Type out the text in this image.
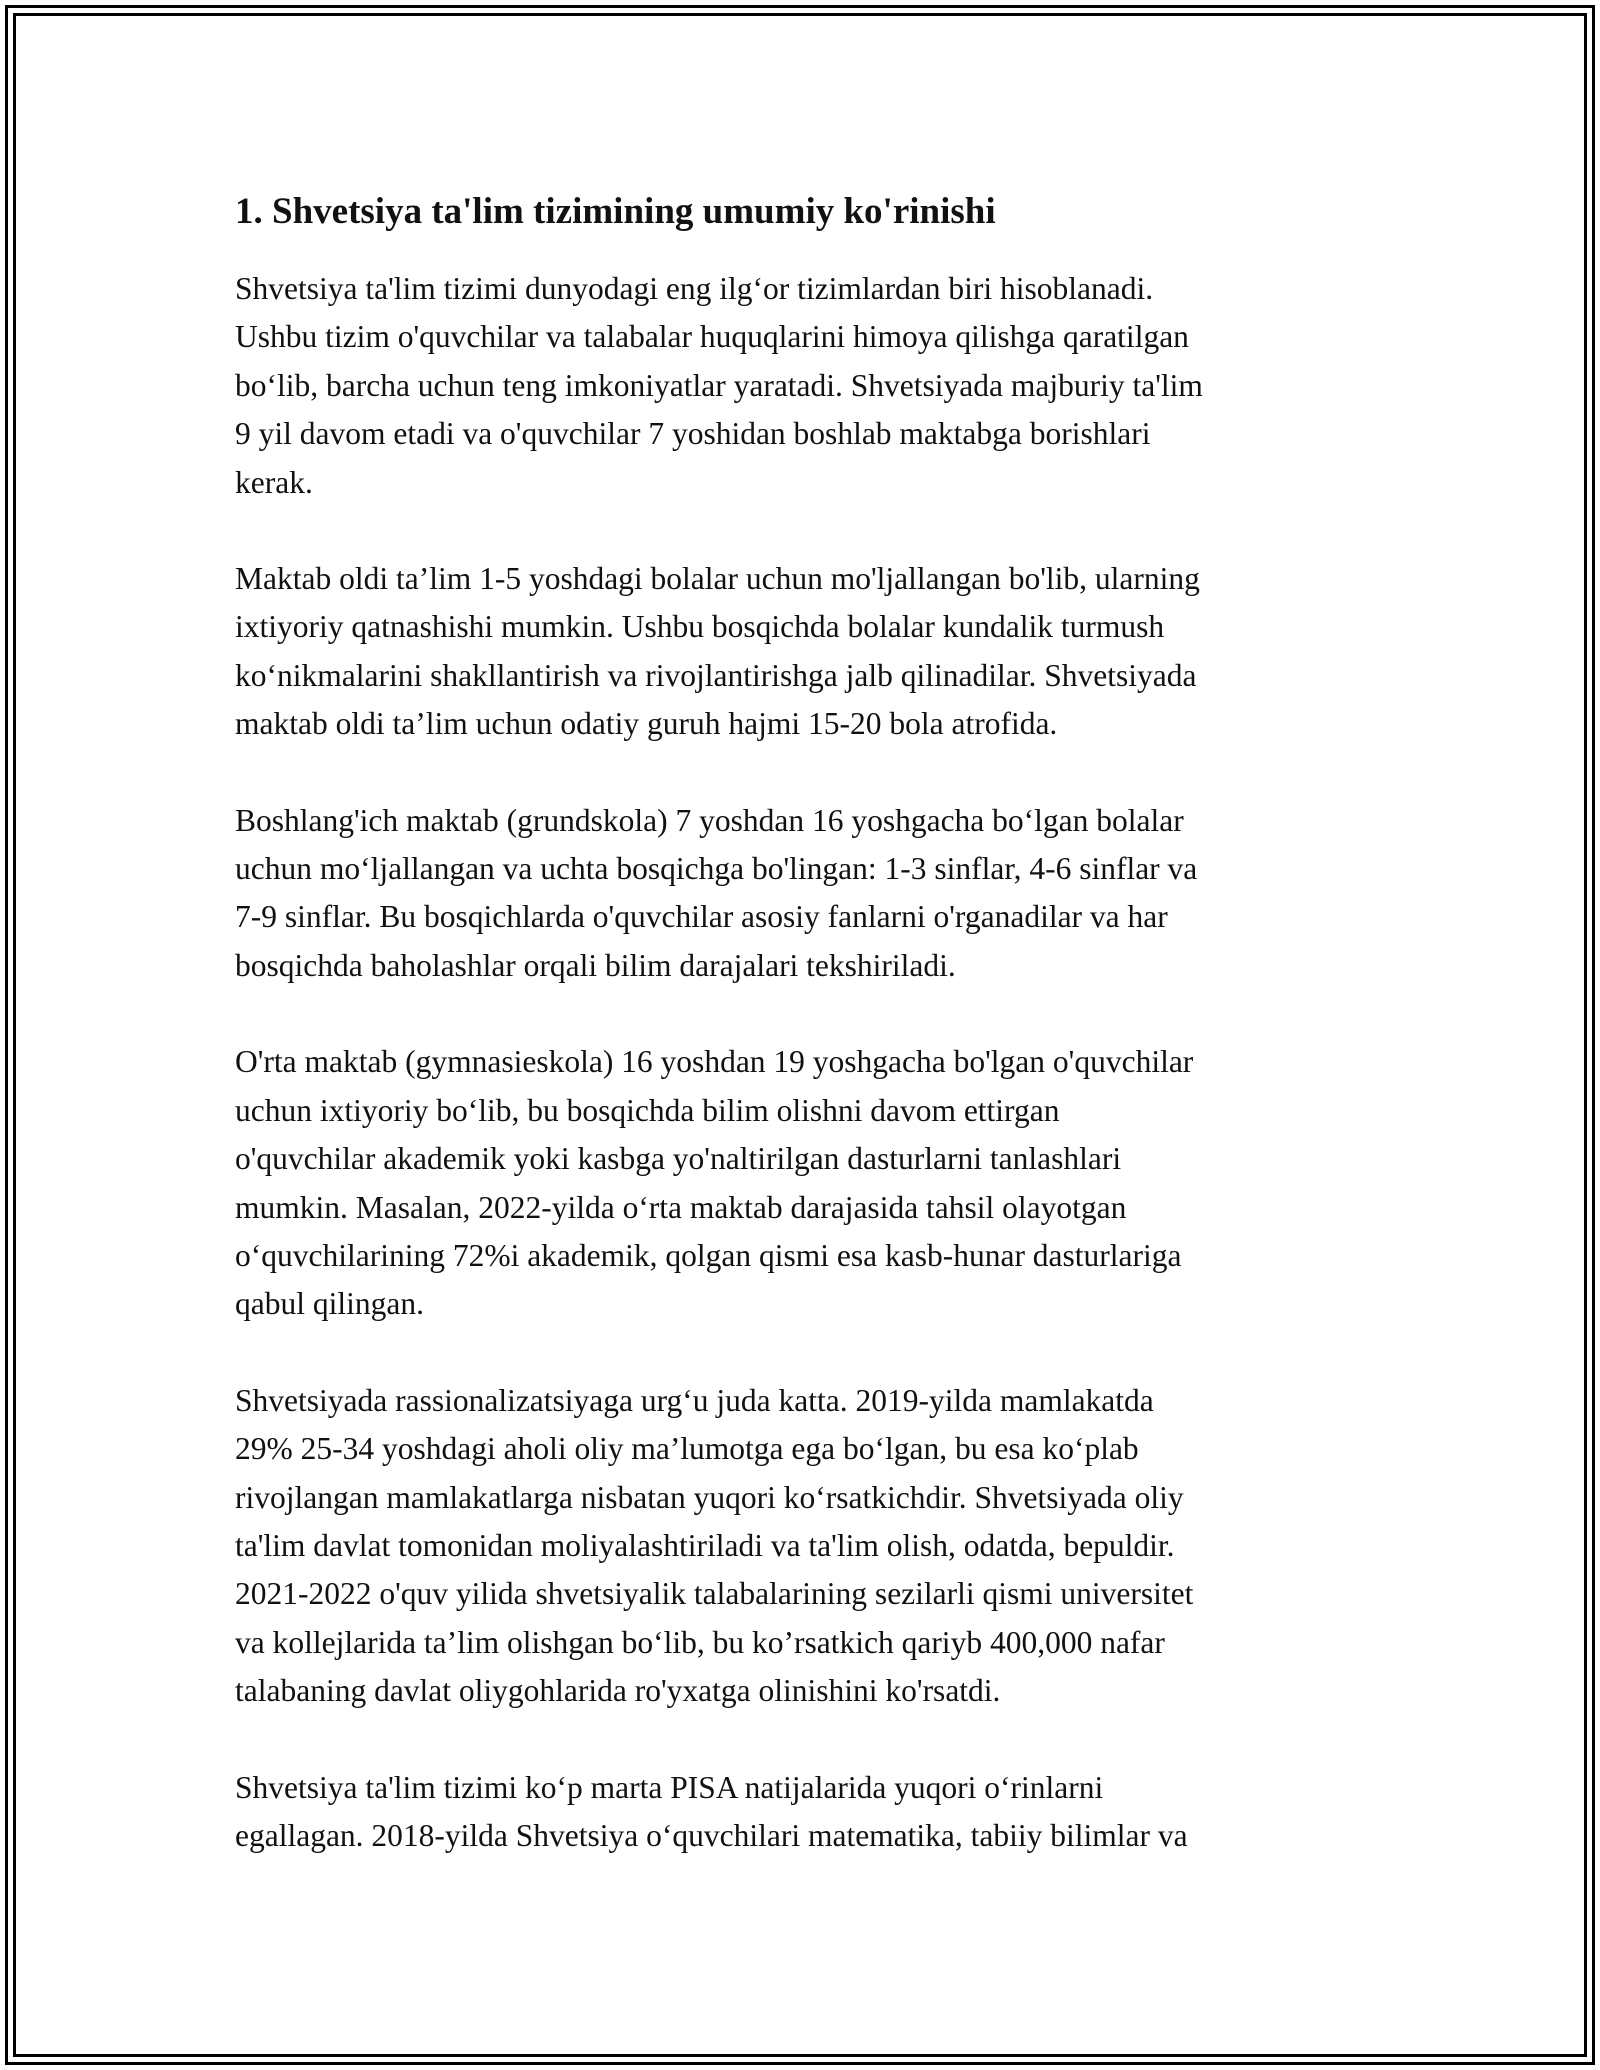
1. Shvetsiya ta'lim tizimining umumiy ko'rinishi

Shvetsiya ta'lim tizimi dunyodagi eng ilg‘or tizimlardan biri hisoblanadi.
Ushbu tizim o'quvchilar va talabalar huquqlarini himoya qilishga qaratilgan
bo‘lib, barcha uchun teng imkoniyatlar yaratadi. Shvetsiyada majburiy ta'lim
9 yil davom etadi va o'quvchilar 7 yoshidan boshlab maktabga borishlari
kerak.

Maktab oldi ta’lim 1-5 yoshdagi bolalar uchun mo'ljallangan bo'lib, ularning
ixtiyoriy qatnashishi mumkin. Ushbu bosqichda bolalar kundalik turmush
ko‘nikmalarini shakllantirish va rivojlantirishga jalb qilinadilar. Shvetsiyada
maktab oldi ta’lim uchun odatiy guruh hajmi 15-20 bola atrofida.

Boshlang'ich maktab (grundskola) 7 yoshdan 16 yoshgacha bo‘lgan bolalar
uchun mo‘ljallangan va uchta bosqichga bo'lingan: 1-3 sinflar, 4-6 sinflar va
7-9 sinflar. Bu bosqichlarda o'quvchilar asosiy fanlarni o'rganadilar va har
bosqichda baholashlar orqali bilim darajalari tekshiriladi.

O'rta maktab (gymnasieskola) 16 yoshdan 19 yoshgacha bo'lgan o'quvchilar
uchun ixtiyoriy bo‘lib, bu bosqichda bilim olishni davom ettirgan
o'quvchilar akademik yoki kasbga yo'naltirilgan dasturlarni tanlashlari
mumkin. Masalan, 2022-yilda o‘rta maktab darajasida tahsil olayotgan
o‘quvchilarining 72%i akademik, qolgan qismi esa kasb-hunar dasturlariga
qabul qilingan.

Shvetsiyada rassionalizatsiyaga urg‘u juda katta. 2019-yilda mamlakatda
29% 25-34 yoshdagi aholi oliy ma’lumotga ega bo‘lgan, bu esa ko‘plab
rivojlangan mamlakatlarga nisbatan yuqori ko‘rsatkichdir. Shvetsiyada oliy
ta'lim davlat tomonidan moliyalashtiriladi va ta'lim olish, odatda, bepuldir.
2021-2022 o'quv yilida shvetsiyalik talabalarining sezilarli qismi universitet
va kollejlarida ta’lim olishgan bo‘lib, bu ko’rsatkich qariyb 400,000 nafar
talabaning davlat oliygohlarida ro'yxatga olinishini ko'rsatdi.

Shvetsiya ta'lim tizimi ko‘p marta PISA natijalarida yuqori o‘rinlarni
egallagan. 2018-yilda Shvetsiya o‘quvchilari matematika, tabiiy bilimlar va
